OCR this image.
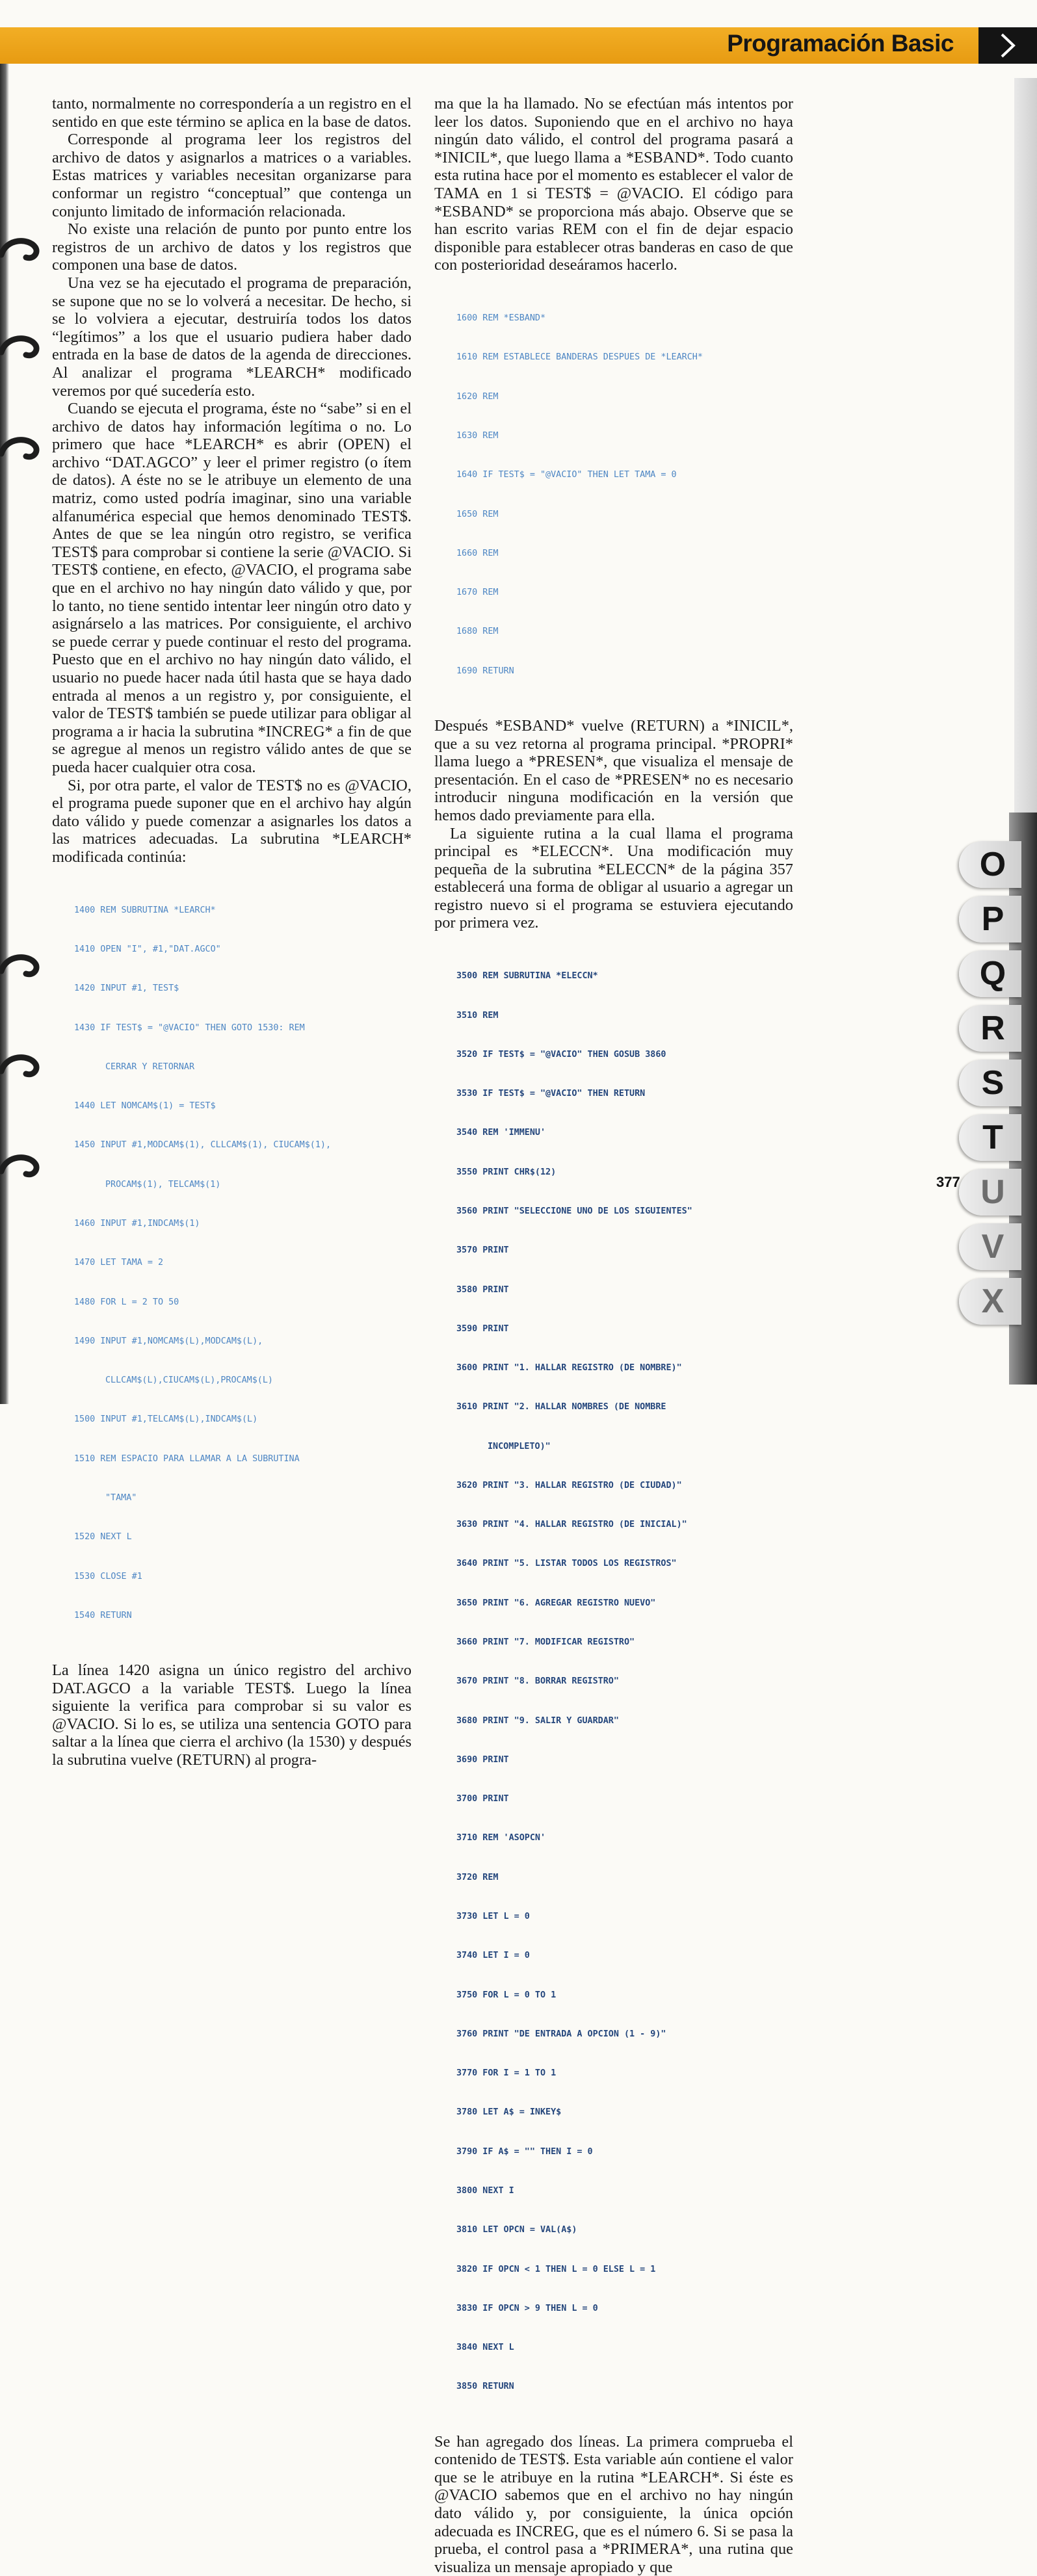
Programación Basic

tanto, normalmente no correspondería a un registro en el sentido en que este término se aplica en la base de datos.

Corresponde al programa leer los registros del archivo de datos y asignarlos a matrices o a variables. Estas matrices y variables necesitan organizarse para conformar un registro “conceptual” que contenga un conjunto limitado de información relacionada.

No existe una relación de punto por punto entre los registros de un archivo de datos y los registros que componen una base de datos.

Una vez se ha ejecutado el programa de preparación, se supone que no se lo volverá a necesitar. De hecho, si se lo volviera a ejecutar, destruiría todos los datos “legítimos” a los que el usuario pudiera haber dado entrada en la base de datos de la agenda de direcciones. Al analizar el programa *LEARCH* modificado veremos por qué sucedería esto.

Cuando se ejecuta el programa, éste no “sabe” si en el archivo de datos hay información legítima o no. Lo primero que hace *LEARCH* es abrir (OPEN) el archivo “DAT.AGCO” y leer el primer registro (o ítem de datos). A éste no se le atribuye un elemento de una matriz, como usted podría imaginar, sino una variable alfanumérica especial que hemos denominado TEST$. Antes de que se lea ningún otro registro, se verifica TEST$ para comprobar si contiene la serie @VACIO. Si TEST$ contiene, en efecto, @VACIO, el programa sabe que en el archivo no hay ningún dato válido y que, por lo tanto, no tiene sentido intentar leer ningún otro dato y asignárselo a las matrices. Por consiguiente, el archivo se puede cerrar y puede continuar el resto del programa. Puesto que en el archivo no hay ningún dato válido, el usuario no puede hacer nada útil hasta que se haya dado entrada al menos a un registro y, por consiguiente, el valor de TEST$ también se puede utilizar para obligar al programa a ir hacia la subrutina *INCREG* a fin de que se agregue al menos un registro válido antes de que se pueda hacer cualquier otra cosa.

Si, por otra parte, el valor de TEST$ no es @VACIO, el programa puede suponer que en el archivo hay algún dato válido y puede comenzar a asignarles los datos a las matrices adecuadas. La subrutina *LEARCH* modificada continúa:

1400 REM SUBRUTINA *LEARCH*

1410 OPEN "I", #1,"DAT.AGCO"

1420 INPUT #1, TEST$

1430 IF TEST$ = "@VACIO" THEN GOTO 1530: REM

CERRAR Y RETORNAR

1440 LET NOMCAM$(1) = TEST$

1450 INPUT #1,MODCAM$(1), CLLCAM$(1), CIUCAM$(1),

PROCAM$(1), TELCAM$(1)

1460 INPUT #1,INDCAM$(1)

1470 LET TAMA = 2

1480 FOR L = 2 TO 50

1490 INPUT #1,NOMCAM$(L),MODCAM$(L),

CLLCAM$(L),CIUCAM$(L),PROCAM$(L)

1500 INPUT #1,TELCAM$(L),INDCAM$(L)

1510 REM ESPACIO PARA LLAMAR A LA SUBRUTINA

"TAMA"

1520 NEXT L

1530 CLOSE #1

1540 RETURN

La línea 1420 asigna un único registro del archivo DAT.AGCO a la variable TEST$. Luego la línea siguiente la verifica para comprobar si su valor es @VACIO. Si lo es, se utiliza una sentencia GOTO para saltar a la línea que cierra el archivo (la 1530) y después la subrutina vuelve (RETURN) al progra-

ma que la ha llamado. No se efectúan más intentos por leer los datos. Suponiendo que en el archivo no haya ningún dato válido, el control del programa pasará a *INICIL*, que luego llama a *ESBAND*. Todo cuanto esta rutina hace por el momento es establecer el valor de TAMA en 1 si TEST$ = @VACIO. El código para *ESBAND* se proporciona más abajo. Observe que se han escrito varias REM con el fin de dejar espacio disponible para establecer otras banderas en caso de que con posterioridad deseáramos hacerlo.

1600 REM *ESBAND*

1610 REM ESTABLECE BANDERAS DESPUES DE *LEARCH*

1620 REM

1630 REM

1640 IF TEST$ = "@VACIO" THEN LET TAMA = 0

1650 REM

1660 REM

1670 REM

1680 REM

1690 RETURN

Después *ESBAND* vuelve (RETURN) a *INICIL*, que a su vez retorna al programa principal. *PROPRI* llama luego a *PRESEN*, que visualiza el mensaje de presentación. En el caso de *PRESEN* no es necesario introducir ninguna modificación en la versión que hemos dado previamente para ella.

La siguiente rutina a la cual llama el programa principal es *ELECCN*. Una modificación muy pequeña de la subrutina *ELECCN* de la página 357 establecerá una forma de obligar al usuario a agregar un registro nuevo si el programa se estuviera ejecutando por primera vez.

3500 REM SUBRUTINA *ELECCN*

3510 REM

3520 IF TEST$ = "@VACIO" THEN GOSUB 3860

3530 IF TEST$ = "@VACIO" THEN RETURN

3540 REM 'IMMENU'

3550 PRINT CHR$(12)

3560 PRINT "SELECCIONE UNO DE LOS SIGUIENTES"

3570 PRINT

3580 PRINT

3590 PRINT

3600 PRINT "1. HALLAR REGISTRO (DE NOMBRE)"

3610 PRINT "2. HALLAR NOMBRES (DE NOMBRE

INCOMPLETO)"

3620 PRINT "3. HALLAR REGISTRO (DE CIUDAD)"

3630 PRINT "4. HALLAR REGISTRO (DE INICIAL)"

3640 PRINT "5. LISTAR TODOS LOS REGISTROS"

3650 PRINT "6. AGREGAR REGISTRO NUEVO"

3660 PRINT "7. MODIFICAR REGISTRO"

3670 PRINT "8. BORRAR REGISTRO"

3680 PRINT "9. SALIR Y GUARDAR"

3690 PRINT

3700 PRINT

3710 REM 'ASOPCN'

3720 REM

3730 LET L = 0

3740 LET I = 0

3750 FOR L = 0 TO 1

3760 PRINT "DE ENTRADA A OPCION (1 - 9)"

3770 FOR I = 1 TO 1

3780 LET A$ = INKEY$

3790 IF A$ = "" THEN I = 0

3800 NEXT I

3810 LET OPCN = VAL(A$)

3820 IF OPCN < 1 THEN L = 0 ELSE L = 1

3830 IF OPCN > 9 THEN L = 0

3840 NEXT L

3850 RETURN

Se han agregado dos líneas. La primera comprueba el contenido de TEST$. Esta variable aún contiene el valor que se le atribuye en la rutina *LEARCH*. Si éste es @VACIO sabemos que en el archivo no hay ningún dato válido y, por consiguiente, la única opción adecuada es INCREG, que es el número 6. Si se pasa la prueba, el control pasa a *PRIMERA*, una rutina que visualiza un mensaje apropiado y que

O
P
Q
R
S
T
U
V
X
377
